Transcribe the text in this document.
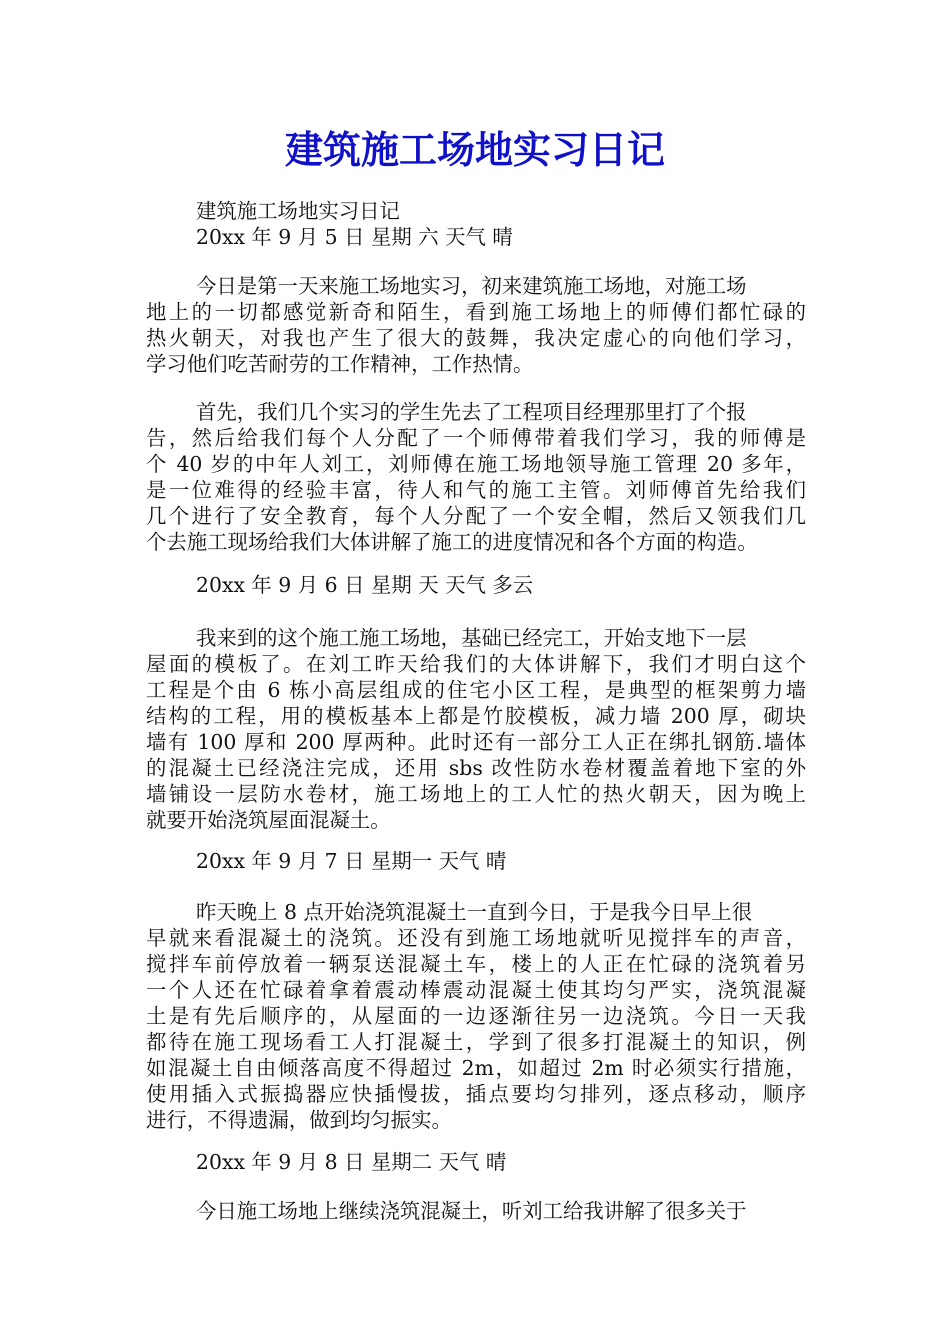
建筑施工场地实习日记
建筑施工场地实习日记
20xx 年 9 月 5 日 星期 六 天气 晴
今日是第一天来施工场地实习，初来建筑施工场地，对施工场
地上的一切都感觉新奇和陌生，看到施工场地上的师傅们都忙碌的
热火朝天，对我也产生了很大的鼓舞，我决定虚心的向他们学习，
学习他们吃苦耐劳的工作精神，工作热情。
首先，我们几个实习的学生先去了工程项目经理那里打了个报
告，然后给我们每个人分配了一个师傅带着我们学习，我的师傅是
个 40 岁的中年人刘工，刘师傅在施工场地领导施工管理 20 多年，
是一位难得的经验丰富，待人和气的施工主管。刘师傅首先给我们
几个进行了安全教育，每个人分配了一个安全帽，然后又领我们几
个去施工现场给我们大体讲解了施工的进度情况和各个方面的构造。
20xx 年 9 月 6 日 星期 天 天气 多云
我来到的这个施工施工场地，基础已经完工，开始支地下一层
屋面的模板了。在刘工昨天给我们的大体讲解下，我们才明白这个
工程是个由 6 栋小高层组成的住宅小区工程，是典型的框架剪力墙
结构的工程，用的模板基本上都是竹胶模板，减力墙 200 厚，砌块
墙有 100 厚和 200 厚两种。此时还有一部分工人正在绑扎钢筋.墙体
的混凝土已经浇注完成，还用 sbs 改性防水卷材覆盖着地下室的外
墙铺设一层防水卷材，施工场地上的工人忙的热火朝天，因为晚上
就要开始浇筑屋面混凝土。
20xx 年 9 月 7 日 星期一 天气 晴
昨天晚上 8 点开始浇筑混凝土一直到今日，于是我今日早上很
早就来看混凝土的浇筑。还没有到施工场地就听见搅拌车的声音，
搅拌车前停放着一辆泵送混凝土车，楼上的人正在忙碌的浇筑着另
一个人还在忙碌着拿着震动棒震动混凝土使其均匀严实，浇筑混凝
土是有先后顺序的，从屋面的一边逐渐往另一边浇筑。今日一天我
都待在施工现场看工人打混凝土，学到了很多打混凝土的知识，例
如混凝土自由倾落高度不得超过 2m，如超过 2m 时必须实行措施，
使用插入式振捣器应快插慢拔，插点要均匀排列，逐点移动，顺序
进行，不得遗漏，做到均匀振实。
20xx 年 9 月 8 日 星期二 天气 晴
今日施工场地上继续浇筑混凝土，听刘工给我讲解了很多关于
